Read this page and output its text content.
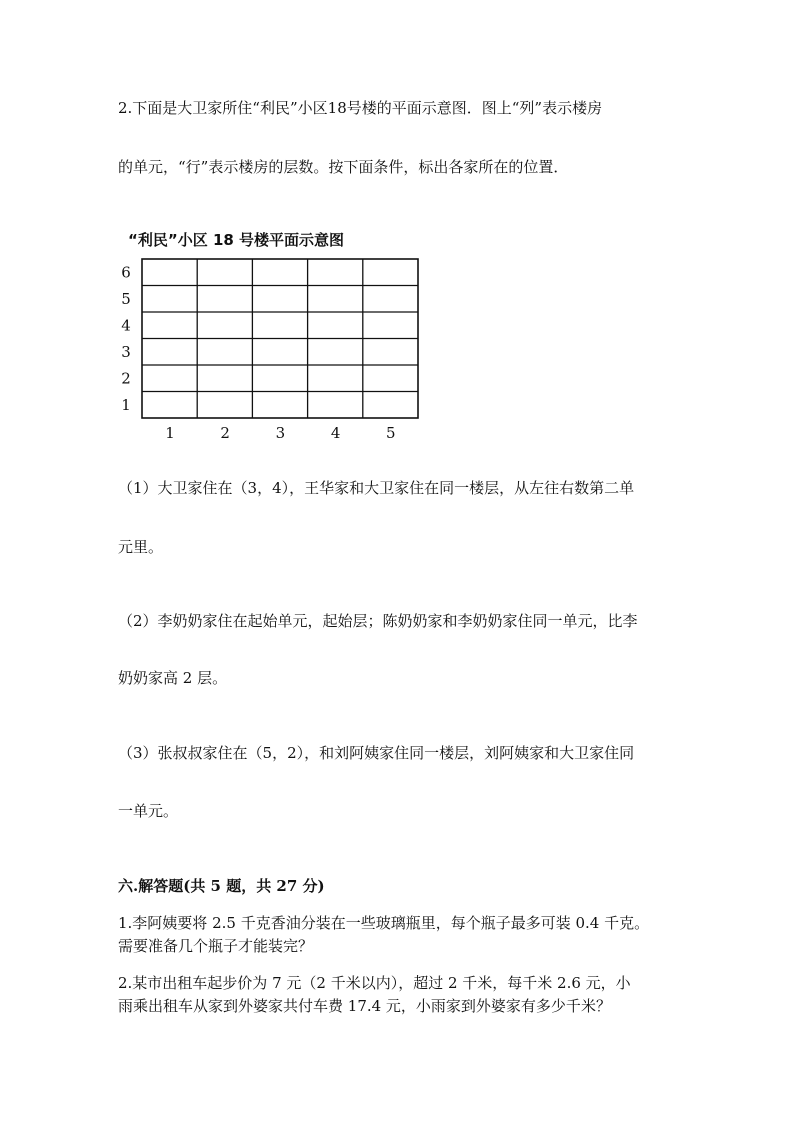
2.下面是大卫家所住“利民”小区18号楼的平面示意图．图上“列”表示楼房
的单元，“行”表示楼房的层数。按下面条件，标出各家所在的位置．
“利民”小区 18 号楼平面示意图
1	2	3	4	5
1
2
3
4
5
6
（1）大卫家住在（3，4），王华家和大卫家住在同一楼层，从左往右数第二单
元里。
（2）李奶奶家住在起始单元，起始层；陈奶奶家和李奶奶家住同一单元，比李
奶奶家高 2 层。
（3）张叔叔家住在（5，2），和刘阿姨家住同一楼层，刘阿姨家和大卫家住同
一单元。
六.解答题(共 5 题，共 27 分)
1.李阿姨要将 2.5 千克香油分装在一些玻璃瓶里，每个瓶子最多可装 0.4 千克。
需要准备几个瓶子才能装完？
2.某市出租车起步价为 7 元（2 千米以内），超过 2 千米，每千米 2.6 元，小
雨乘出租车从家到外婆家共付车费 17.4 元，小雨家到外婆家有多少千米？
